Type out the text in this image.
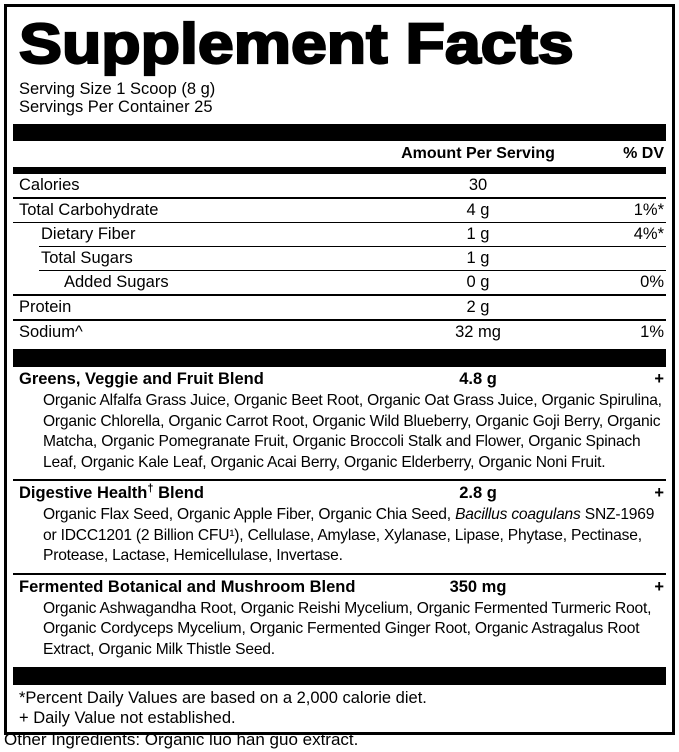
Supplement Facts
Serving Size 1 Scoop (8 g)
Servings Per Container 25
Amount Per Serving	% DV
Calories	30
Total Carbohydrate	4 g	1%*
Dietary Fiber	1 g	4%*
Total Sugars	1 g
Added Sugars	0 g	0%
Protein	2 g
Sodium^	32 mg	1%
Greens, Veggie and Fruit Blend	4.8 g	+

Organic Alfalfa Grass Juice, Organic Beet Root, Organic Oat Grass Juice, Organic Spirulina, Organic Chlorella, Organic Carrot Root, Organic Wild Blueberry, Organic Goji Berry, Organic Matcha, Organic Pomegranate Fruit, Organic Broccoli Stalk and Flower, Organic Spinach Leaf, Organic Kale Leaf, Organic Acai Berry, Organic Elderberry, Organic Noni Fruit.

Digestive Health† Blend	2.8 g	+

Organic Flax Seed, Organic Apple Fiber, Organic Chia Seed, Bacillus coagulans SNZ-1969 or IDCC1201 (2 Billion CFU¹), Cellulase, Amylase, Xylanase, Lipase, Phytase, Pectinase, Protease, Lactase, Hemicellulase, Invertase.

Fermented Botanical and Mushroom Blend	350 mg	+

Organic Ashwagandha Root, Organic Reishi Mycelium, Organic Fermented Turmeric Root, Organic Cordyceps Mycelium, Organic Fermented Ginger Root, Organic Astragalus Root Extract, Organic Milk Thistle Seed.

*Percent Daily Values are based on a 2,000 calorie diet.
+ Daily Value not established.
Other Ingredients: Organic luo han guo extract.
